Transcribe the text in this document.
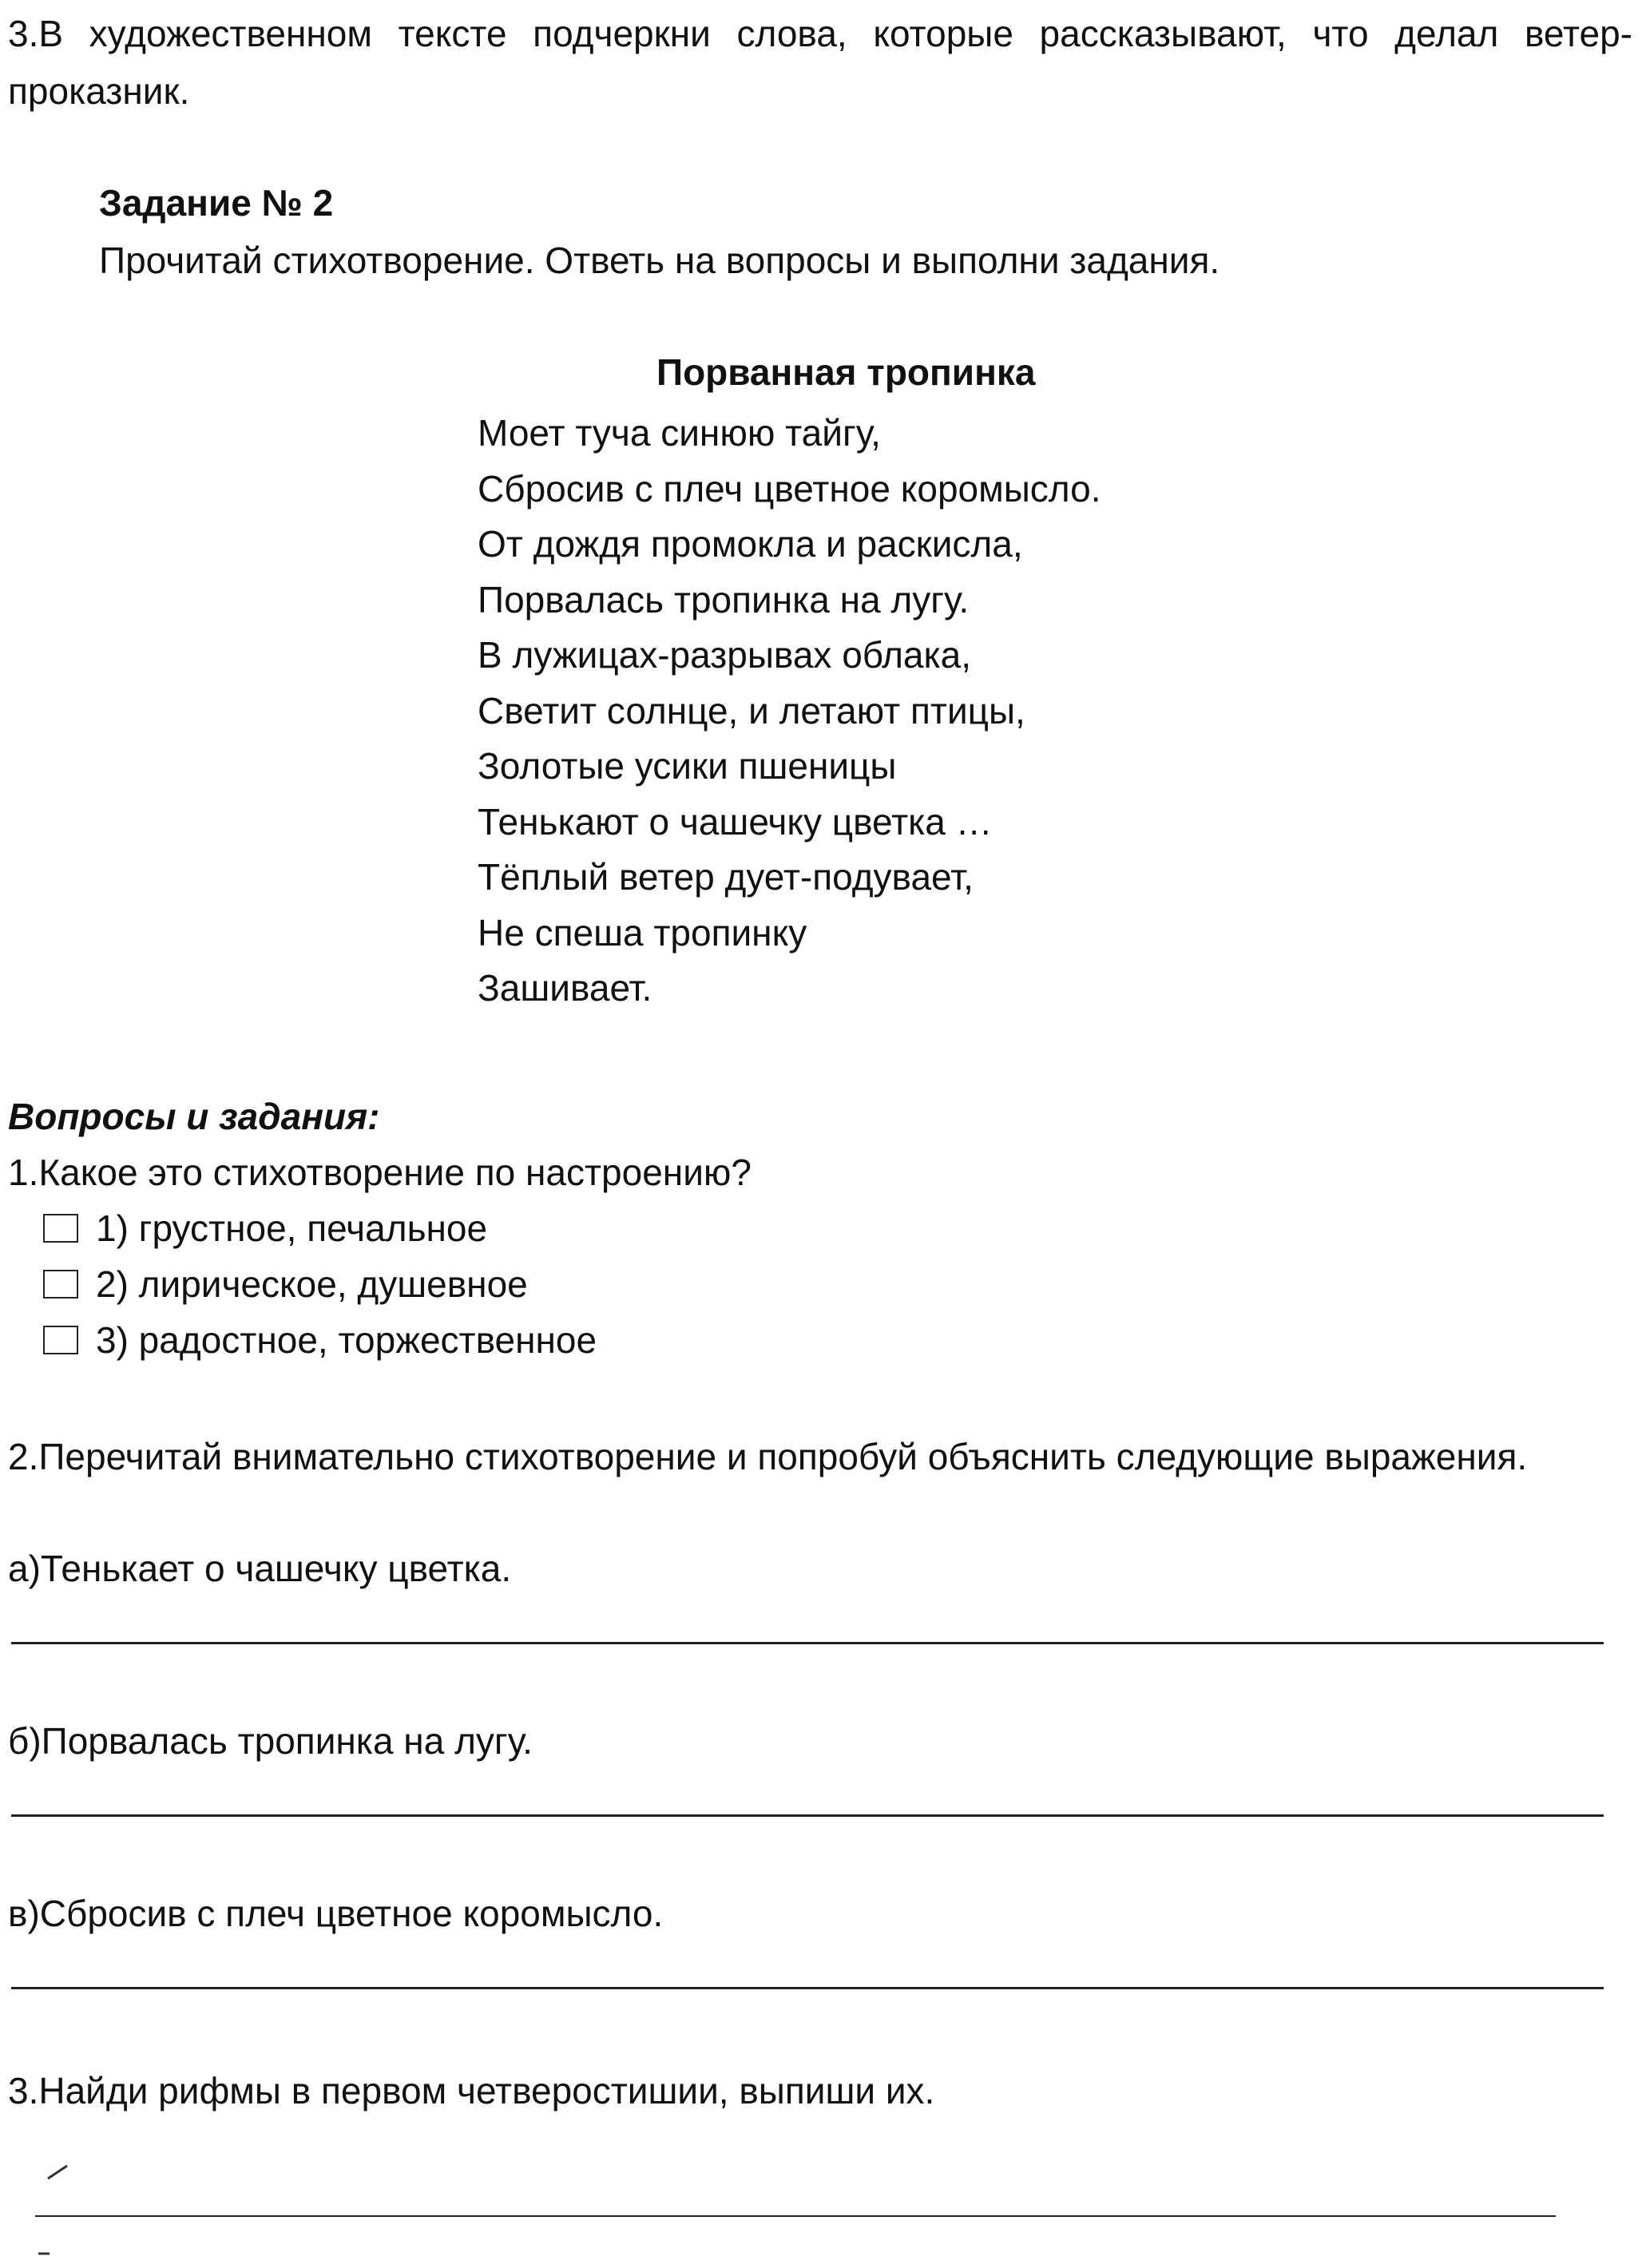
3.В художественном тексте подчеркни слова, которые рассказывают, что делал ветер-проказник.
Задание № 2
Прочитай стихотворение. Ответь на вопросы и выполни задания.
Порванная тропинка
Моет туча синюю тайгу,
Сбросив с плеч цветное коромысло.
От дождя промокла и раскисла,
Порвалась тропинка на лугу.
В лужицах-разрывах облака,
Светит солнце, и летают птицы,
Золотые усики пшеницы
Тенькают о чашечку цветка …
Тёплый ветер дует-подувает,
Не спеша тропинку
Зашивает.
Вопросы и задания:
1.Какое это стихотворение по настроению?
1) грустное, печальное
2) лирическое, душевное
3) радостное, торжественное
2.Перечитай внимательно стихотворение и попробуй объяснить следующие выражения.
а)Тенькает о чашечку цветка.
б)Порвалась тропинка на лугу.
в)Сбросив с плеч цветное коромысло.
3.Найди рифмы в первом четверостишии, выпиши их.
